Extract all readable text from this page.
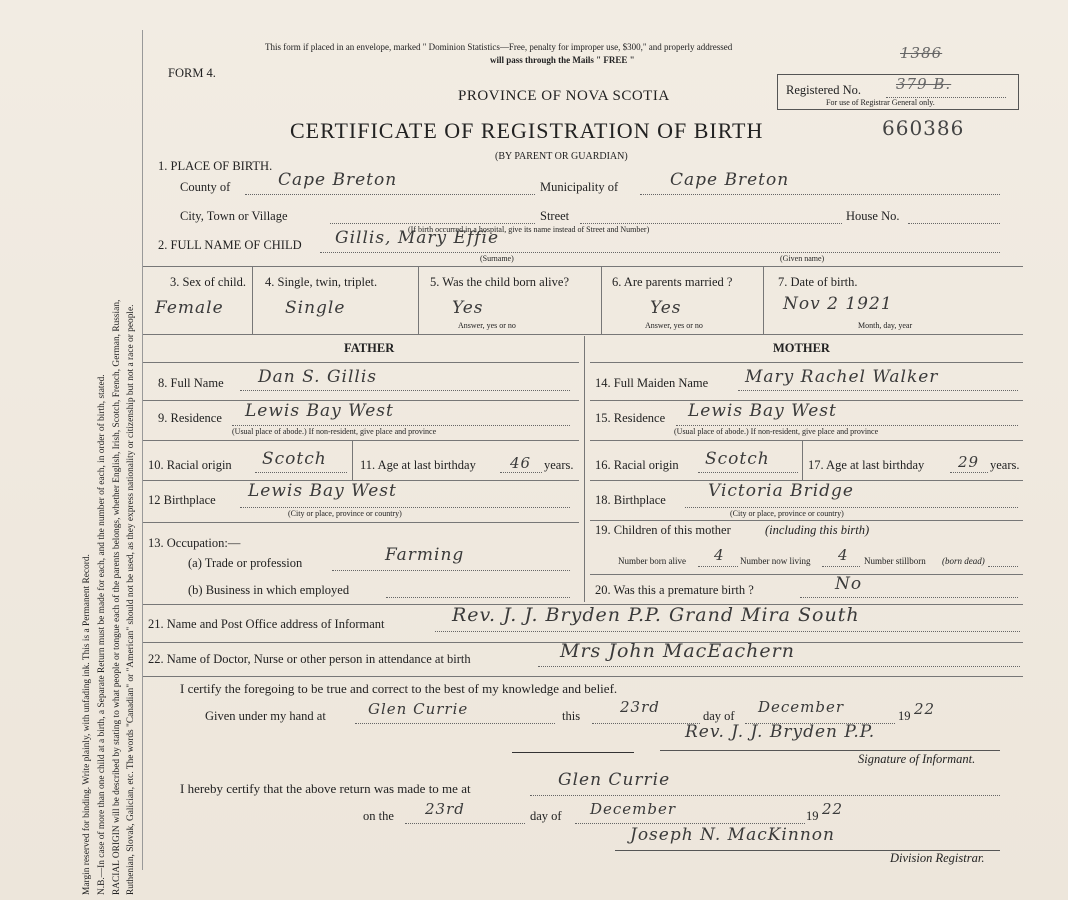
Margin reserved for binding. Write plainly, with unfading ink. This is a Permanent Record. N.B.—In case of more than one child at a birth, a Separate Return must be made for each, and the number of each, in order of birth, stated. RACIAL ORIGIN will be described by stating to what people or tongue each of the parents belongs, whether English, Irish, Scotch, French, German, Russian, Ruthenian, Slovak, Galician, etc. The words "Canadian" or "American" should not be used, as they express nationality or citizenship but not a race or people.
This form if placed in an envelope, marked " Dominion Statistics—Free, penalty for improper use, $300," and properly addressed
will pass through the Mails " FREE "	1386
FORM 4.
PROVINCE OF NOVA SCOTIA	Registered No. 379 B.
For use of Registrar General only.
CERTIFICATE OF REGISTRATION OF BIRTH	660386
(BY PARENT OR GUARDIAN)
1. PLACE OF BIRTH.
County of	Cape Breton	Municipality of	Cape Breton
City, Town or Village	Street	House No.
(If birth occurred in a hospital, give its name instead of Street and Number)
2. FULL NAME OF CHILD Gillis, Mary Effie
(Surname)	(Given name)
3. Sex of child.
Female
4. Single, twin, triplet.
Single
5. Was the child born alive?
Yes
Answer, yes or no
6. Are parents married ?
Yes
Answer, yes or no
7. Date of birth.
Nov 2 1921
Month, day, year
FATHER	MOTHER
8. Full Name Dan S. Gillis
9. Residence Lewis Bay West
(Usual place of abode.) If non-resident, give place and province
10. Racial origin Scotch	11. Age at last birthday 46 years.
12 Birthplace Lewis Bay West
(City or place, province or country)
13. Occupation:—
(a) Trade or profession	Farming
(b) Business in which employed
14. Full Maiden Name Mary Rachel Walker
15. Residence Lewis Bay West
(Usual place of abode.) If non-resident, give place and province
16. Racial origin Scotch	17. Age at last birthday 29 years.
18. Birthplace Victoria Bridge
(City or place, province or country)
19. Children of this mother	(including this birth)
Number born alive 4 Number now living 4 Number stillborn (born dead)
20. Was this a premature birth ?	No
21. Name and Post Office address of Informant	Rev. J. J. Bryden P.P. Grand Mira South
22. Name of Doctor, Nurse or other person in attendance at birth	Mrs John MacEachern
I certify the foregoing to be true and correct to the best of my knowledge and belief.
Given under my hand at	Glen Currie	this	23rd	day of December	19 22
Rev. J. J. Bryden P.P.
Signature of Informant.
I hereby certify that the above return was made to me at	Glen Currie
on the 23rd	day of December	19 22
Joseph N. MacKinnon
Division Registrar.
